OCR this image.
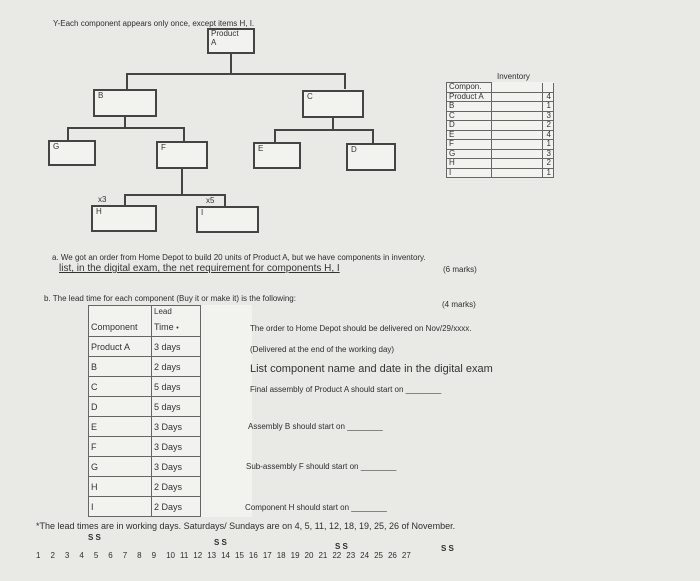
Y-Each component appears only once, except items H, I.
Product
A
B	C
G	F	E	D
x3	x5
H	I
Inventory
Compon.		
Product A		4
B		1
C		3
D		2
E		4
F		1
G		3
H		2
I		1
a. We got an order from Home Depot to build 20 units of Product A, but we have components in inventory.
list, in the digital exam, the net requirement for components H, I	(6 marks)
b. The lead time for each component (Buy it or make it) is the following:
(4 marks)
	Lead	
Component	Time •	
Product A	3 days	
B	2 days	
C	5 days	
D	5 days	
E	3 Days	
F	3 Days	
G	3 Days	
H	2 Days	
I	2 Days	
The order to Home Depot should be delivered on Nov/29/xxxx.
(Delivered at the end of the working day)
List component name and date in the digital exam
Final assembly of Product A should start on ________
Assembly B should start on ________
Sub-assembly F should start on ________
Component H should start on ________
*The lead times are in working days. Saturdays/ Sundays are on 4, 5, 11, 12, 18, 19, 25, 26 of November.
S S
S S	S S	S S
1 2 3 4 5 6 7 8 9 10 11 12 13 14 15 16 17 18 19 20 21 22 23 24 25 26 27
